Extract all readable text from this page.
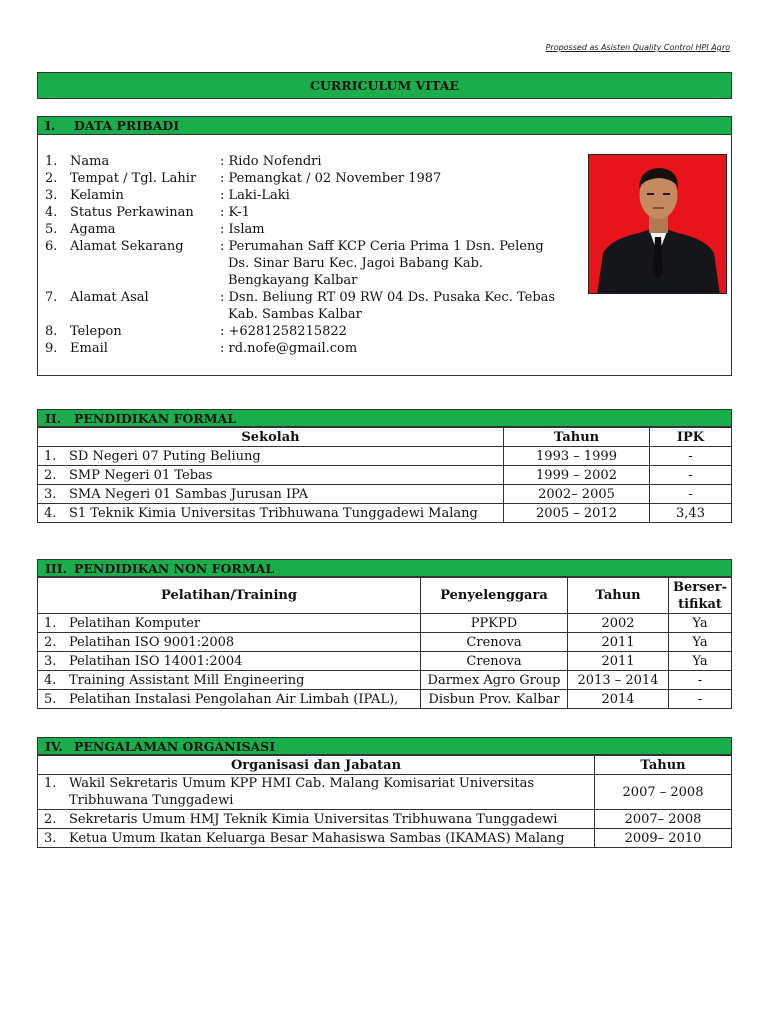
Propossed as Asisten Quality Control HPI Agro
CURRICULUM VITAE
I. DATA PRIBADI
1. Nama	: Rido Nofendri
2. Tempat / Tgl. Lahir	: Pemangkat / 02 November 1987
3. Kelamin	: Laki-Laki
4. Status Perkawinan	: K-1
5. Agama	: Islam
6. Alamat Sekarang	: Perumahan Saff KCP Ceria Prima 1 Dsn. Peleng
Ds. Sinar Baru Kec. Jagoi Babang Kab. Bengkayang Kalbar
7. Alamat Asal	: Dsn. Beliung RT 09 RW 04 Ds. Pusaka Kec. Tebas
Kab. Sambas Kalbar
8. Telepon	: +6281258215822
9. Email	: rd.nofe@gmail.com
II. PENDIDIKAN FORMAL
Sekolah	Tahun	IPK
1. SD Negeri 07 Puting Beliung	1993 – 1999	-
2. SMP Negeri 01 Tebas	1999 – 2002	-
3. SMA Negeri 01 Sambas Jurusan IPA	2002– 2005	-
4. S1 Teknik Kimia Universitas Tribhuwana Tunggadewi Malang	2005 – 2012	3,43
III. PENDIDIKAN NON FORMAL
Pelatihan/Training	Penyelenggara	Tahun	Berser-
tifikat

1. Pelatihan Komputer	PPKPD	2002	Ya
2. Pelatihan ISO 9001:2008	Crenova	2011	Ya
3. Pelatihan ISO 14001:2004	Crenova	2011	Ya
4. Training Assistant Mill Engineering	Darmex Agro Group	2013 – 2014	-
5. Pelatihan Instalasi Pengolahan Air Limbah (IPAL),	Disbun Prov. Kalbar	2014	-
IV. PENGALAMAN ORGANISASI
Organisasi dan Jabatan	Tahun
1. Wakil Sekretaris Umum KPP HMI Cab. Malang Komisariat Universitas
Tribhuwana Tunggadewi	2007 – 2008
2. Sekretaris Umum HMJ Teknik Kimia Universitas Tribhuwana Tunggadewi	2007– 2008
3. Ketua Umum Ikatan Keluarga Besar Mahasiswa Sambas (IKAMAS) Malang	2009– 2010
